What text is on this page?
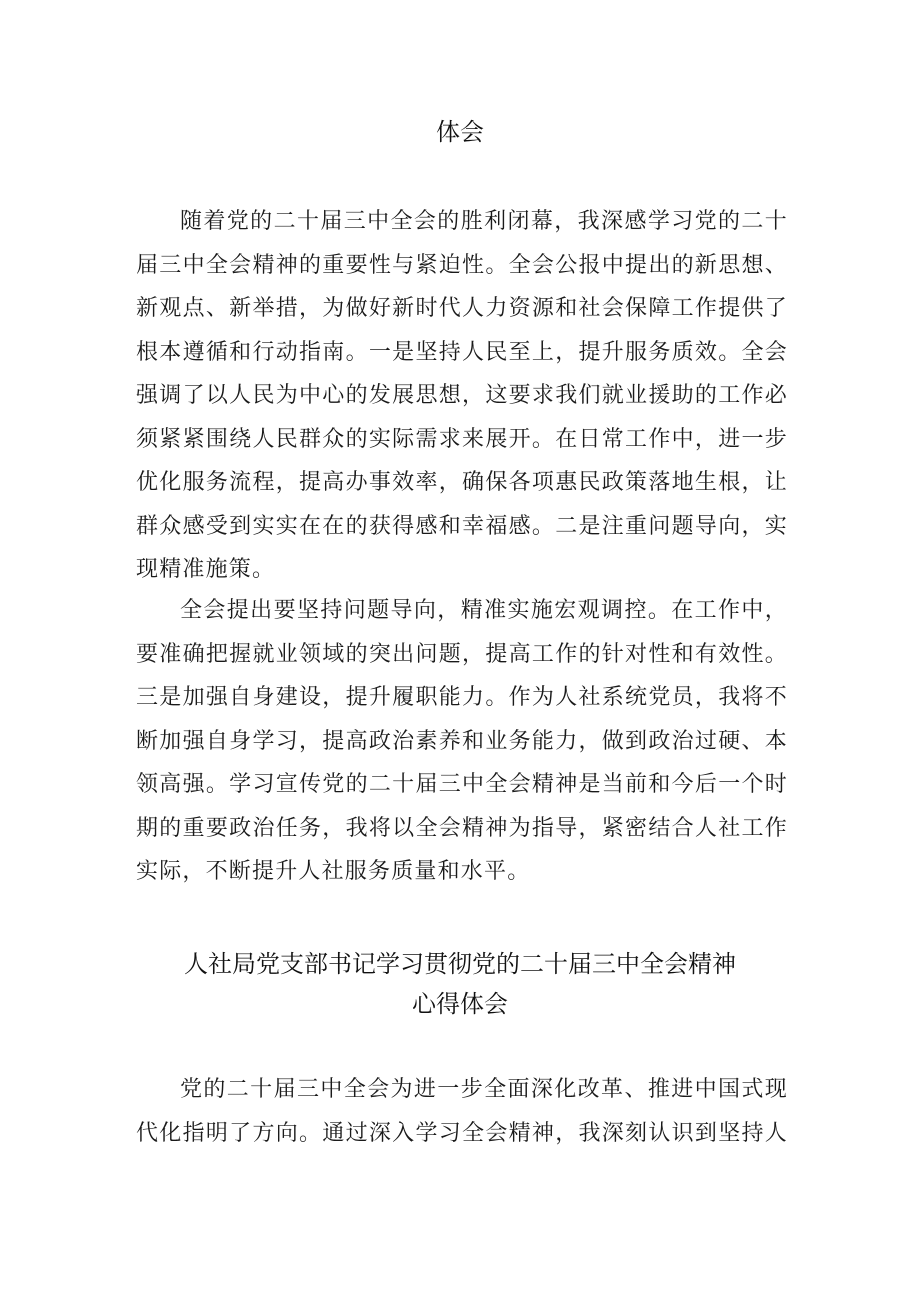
体会
随着党的二十届三中全会的胜利闭幕，我深感学习党的二十
届三中全会精神的重要性与紧迫性。全会公报中提出的新思想、
新观点、新举措，为做好新时代人力资源和社会保障工作提供了
根本遵循和行动指南。一是坚持人民至上，提升服务质效。全会
强调了以人民为中心的发展思想，这要求我们就业援助的工作必
须紧紧围绕人民群众的实际需求来展开。在日常工作中，进一步
优化服务流程，提高办事效率，确保各项惠民政策落地生根，让
群众感受到实实在在的获得感和幸福感。二是注重问题导向，实
现精准施策。
全会提出要坚持问题导向，精准实施宏观调控。在工作中，
要准确把握就业领域的突出问题，提高工作的针对性和有效性。
三是加强自身建设，提升履职能力。作为人社系统党员，我将不
断加强自身学习，提高政治素养和业务能力，做到政治过硬、本
领高强。学习宣传党的二十届三中全会精神是当前和今后一个时
期的重要政治任务，我将以全会精神为指导，紧密结合人社工作
实际，不断提升人社服务质量和水平。
人社局党支部书记学习贯彻党的二十届三中全会精神
心得体会
党的二十届三中全会为进一步全面深化改革、推进中国式现
代化指明了方向。通过深入学习全会精神，我深刻认识到坚持人
